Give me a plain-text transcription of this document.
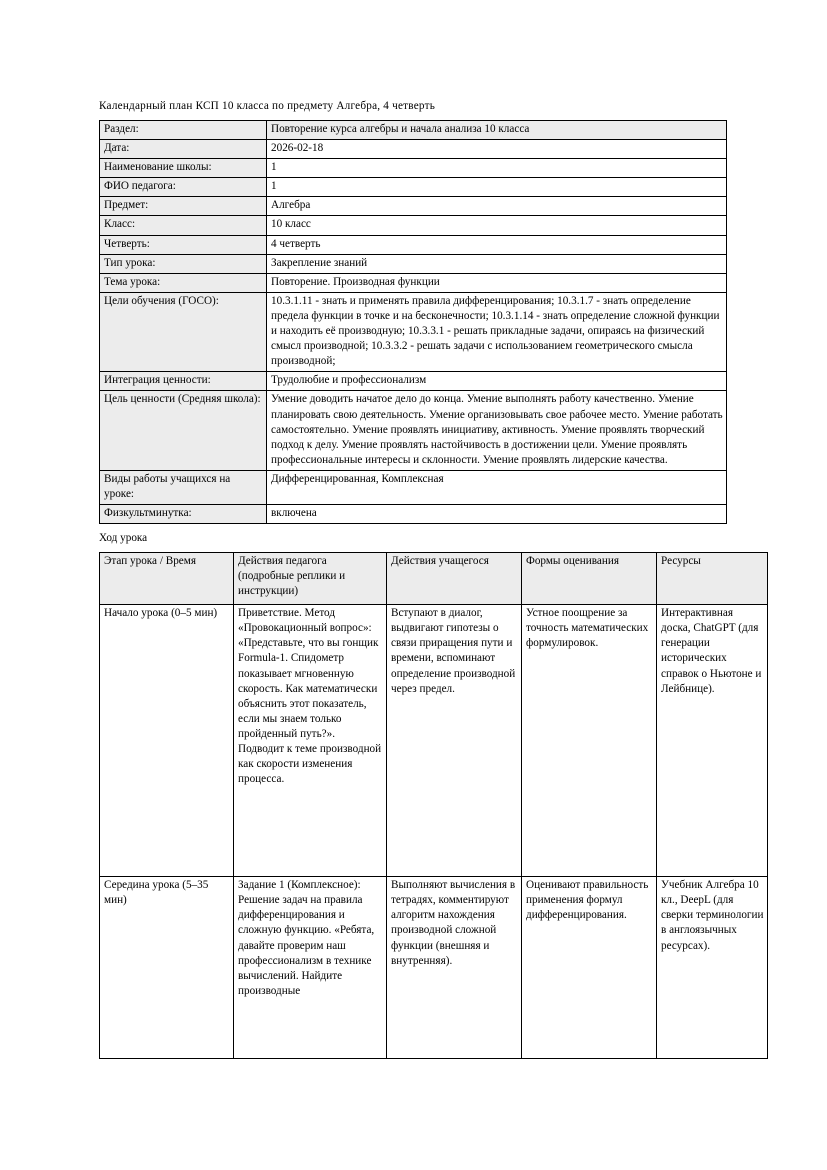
Календарный план КСП 10 класса по предмету Алгебра, 4 четверть

Раздел:	Повторение курса алгебры и начала анализа 10 класса
Дата:	2026-02-18
Наименование школы:	1
ФИО педагога:	1
Предмет:	Алгебра
Класс:	10 класс
Четверть:	4 четверть
Тип урока:	Закрепление знаний
Тема урока:	Повторение. Производная функции
Цели обучения (ГОСО):	10.3.1.11 - знать и применять правила дифференцирования; 10.3.1.7 - знать определение предела функции в точке и на бесконечности; 10.3.1.14 - знать определение сложной функции и находить её производную; 10.3.3.1 - решать прикладные задачи, опираясь на физический смысл производной; 10.3.3.2 - решать задачи с использованием геометрического смысла производной;
Интеграция ценности:	Трудолюбие и профессионализм
Цель ценности (Средняя школа):	Умение доводить начатое дело до конца. Умение выполнять работу качественно. Умение планировать свою деятельность. Умение организовывать свое рабочее место. Умение работать самостоятельно. Умение проявлять инициативу, активность. Умение проявлять творческий подход к делу. Умение проявлять настойчивость в достижении цели. Умение проявлять профессиональные интересы и склонности. Умение проявлять лидерские качества.
Виды работы учащихся на уроке:	Дифференцированная, Комплексная
Физкультминутка:	включена

Ход урока

Этап урока / Время	Действия педагога (подробные реплики и инструкции)	Действия учащегося	Формы оценивания	Ресурсы
Начало урока (0–5 мин)	Приветствие. Метод «Провокационный вопрос»: «Представьте, что вы гонщик Formula-1. Спидометр показывает мгновенную скорость. Как математически объяснить этот показатель, если мы знаем только пройденный путь?». Подводит к теме производной как скорости изменения процесса.	Вступают в диалог, выдвигают гипотезы о связи приращения пути и времени, вспоминают определение производной через предел.	Устное поощрение за точность математических формулировок.	Интерактивная доска, ChatGPT (для генерации исторических справок о Ньютоне и Лейбнице).
Середина урока (5–35 мин)	Задание 1 (Комплексное): Решение задач на правила дифференцирования и сложную функцию. «Ребята, давайте проверим наш профессионализм в технике вычислений. Найдите производные	Выполняют вычисления в тетрадях, комментируют алгоритм нахождения производной сложной функции (внешняя и внутренняя).	Оценивают правильность применения формул дифференцирования.	Учебник Алгебра 10 кл., DeepL (для сверки терминологии в англоязычных ресурсах).
